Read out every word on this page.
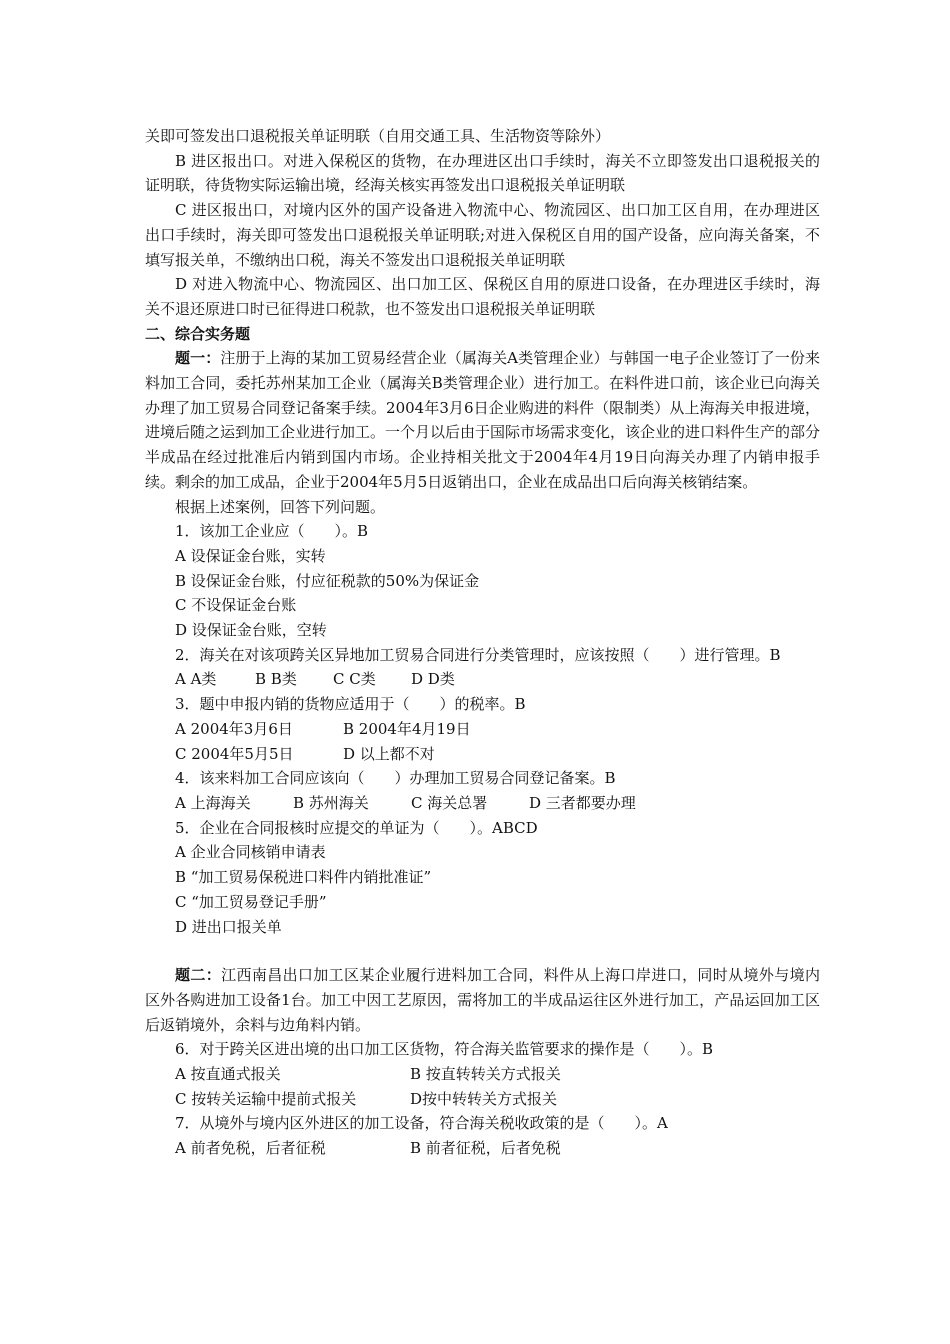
关即可签发出口退税报关单证明联（自用交通工具、生活物资等除外）

B 进区报出口。对进入保税区的货物，在办理进区出口手续时，海关不立即签发出口退税报关的证明联，待货物实际运输出境，经海关核实再签发出口退税报关单证明联

C 进区报出口，对境内区外的国产设备进入物流中心、物流园区、出口加工区自用，在办理进区出口手续时，海关即可签发出口退税报关单证明联;对进入保税区自用的国产设备，应向海关备案，不填写报关单，不缴纳出口税，海关不签发出口退税报关单证明联

D 对进入物流中心、物流园区、出口加工区、保税区自用的原进口设备，在办理进区手续时，海关不退还原进口时已征得进口税款，也不签发出口退税报关单证明联

二、综合实务题

题一：注册于上海的某加工贸易经营企业（属海关A类管理企业）与韩国一电子企业签订了一份来料加工合同，委托苏州某加工企业（属海关B类管理企业）进行加工。在料件进口前，该企业已向海关办理了加工贸易合同登记备案手续。2004年3月6日企业购进的料件（限制类）从上海海关申报进境，进境后随之运到加工企业进行加工。一个月以后由于国际市场需求变化，该企业的进口料件生产的部分半成品在经过批准后内销到国内市场。企业持相关批文于2004年4月19日向海关办理了内销申报手续。剩余的加工成品，企业于2004年5月5日返销出口，企业在成品出口后向海关核销结案。

根据上述案例，回答下列问题。

1．该加工企业应（　　）。B

A 设保证金台账，实转

B 设保证金台账，付应征税款的50%为保证金

C 不设保证金台账

D 设保证金台账，空转

2．海关在对该项跨关区异地加工贸易合同进行分类管理时，应该按照（　　）进行管理。B

A A类	B B类	C C类	D D类

3．题中申报内销的货物应适用于（　　）的税率。B

A 2004年3月6日	B 2004年4月19日
C 2004年5月5日	D 以上都不对

4．该来料加工合同应该向（　　）办理加工贸易合同登记备案。B

A 上海海关	B 苏州海关	C 海关总署	D 三者都要办理

5．企业在合同报核时应提交的单证为（　　）。ABCD

A 企业合同核销申请表

B “加工贸易保税进口料件内销批准证”

C “加工贸易登记手册”

D 进出口报关单

题二：江西南昌出口加工区某企业履行进料加工合同，料件从上海口岸进口，同时从境外与境内区外各购进加工设备1台。加工中因工艺原因，需将加工的半成品运往区外进行加工，产品运回加工区后返销境外，余料与边角料内销。

6．对于跨关区进出境的出口加工区货物，符合海关监管要求的操作是（　　）。B

A 按直通式报关	B 按直转转关方式报关
C 按转关运输中提前式报关	D按中转转关方式报关

7．从境外与境内区外进区的加工设备，符合海关税收政策的是（　　）。A

A 前者免税，后者征税	B 前者征税，后者免税
